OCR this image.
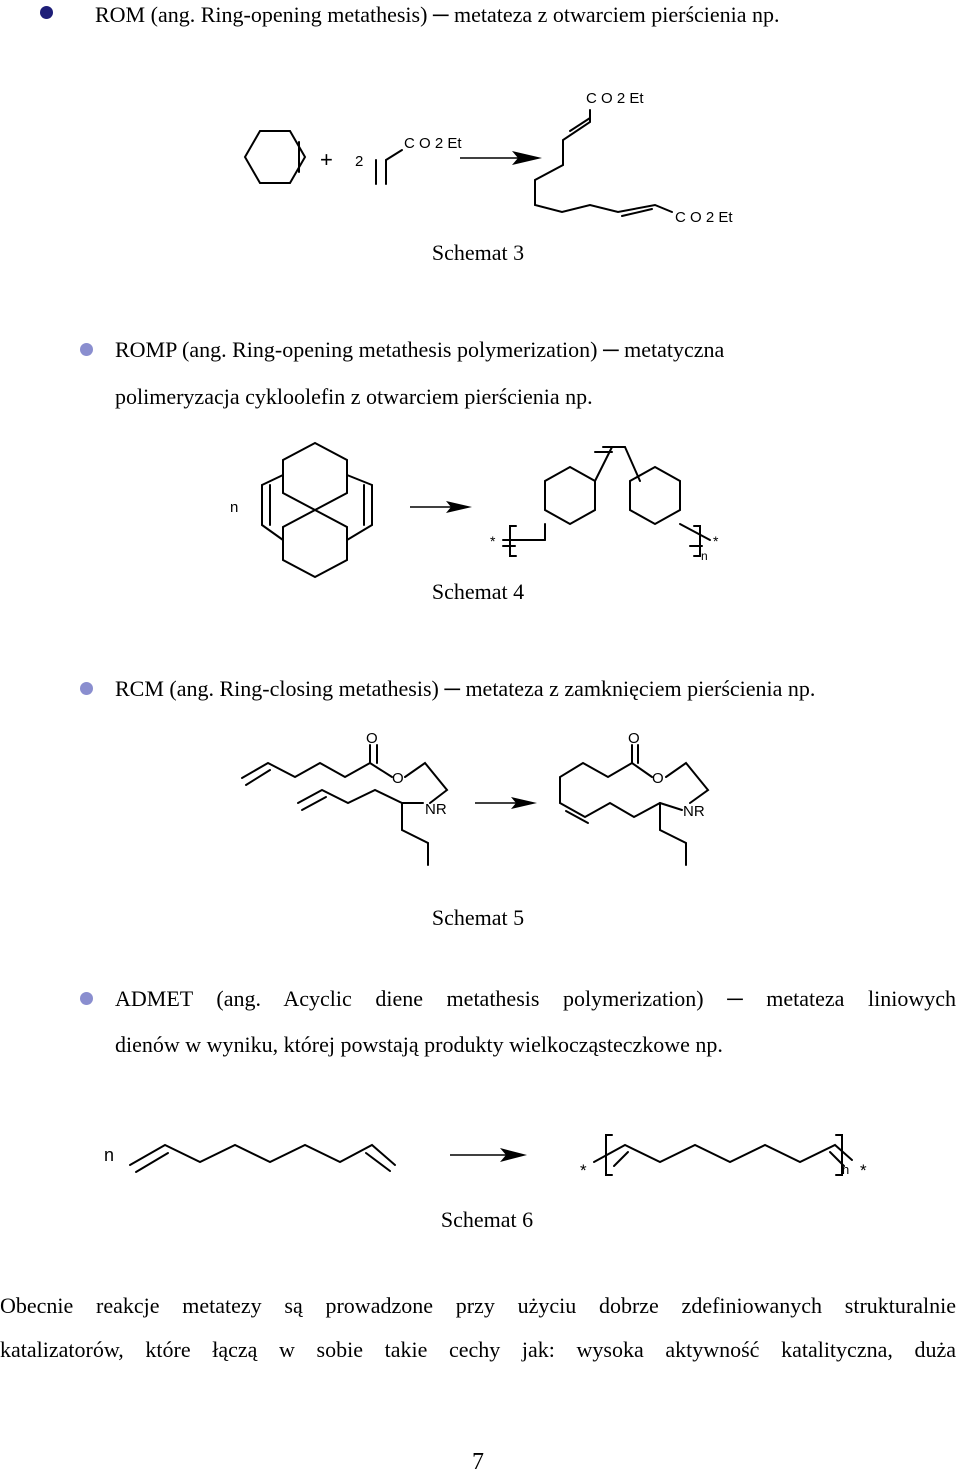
ROM (ang. Ring-opening metathesis) ─ metateza z otwarciem pierścienia np.
+ 2
C O 2 Et
C O 2 Et
C O 2 Et
Schemat 3
ROMP (ang. Ring-opening metathesis polymerization) ─ metatyczna
polimeryzacja cykloolefin z otwarciem pierścienia np.
n
*
n
*
Schemat 4
RCM (ang. Ring-closing metathesis) ─ metateza z zamknięciem pierścienia np.
O
O
NR
O
O
NR
Schemat 5
ADMET (ang. Acyclic diene metathesis polymerization) ─ metateza liniowych
dienów w wyniku, której powstają produkty wielkocząsteczkowe np.
n
*	n *
Schemat 6
Obecnie reakcje metatezy są prowadzone przy użyciu dobrze zdefiniowanych strukturalnie
katalizatorów, które łączą w sobie takie cechy jak: wysoka aktywność katalityczna, duża
7
